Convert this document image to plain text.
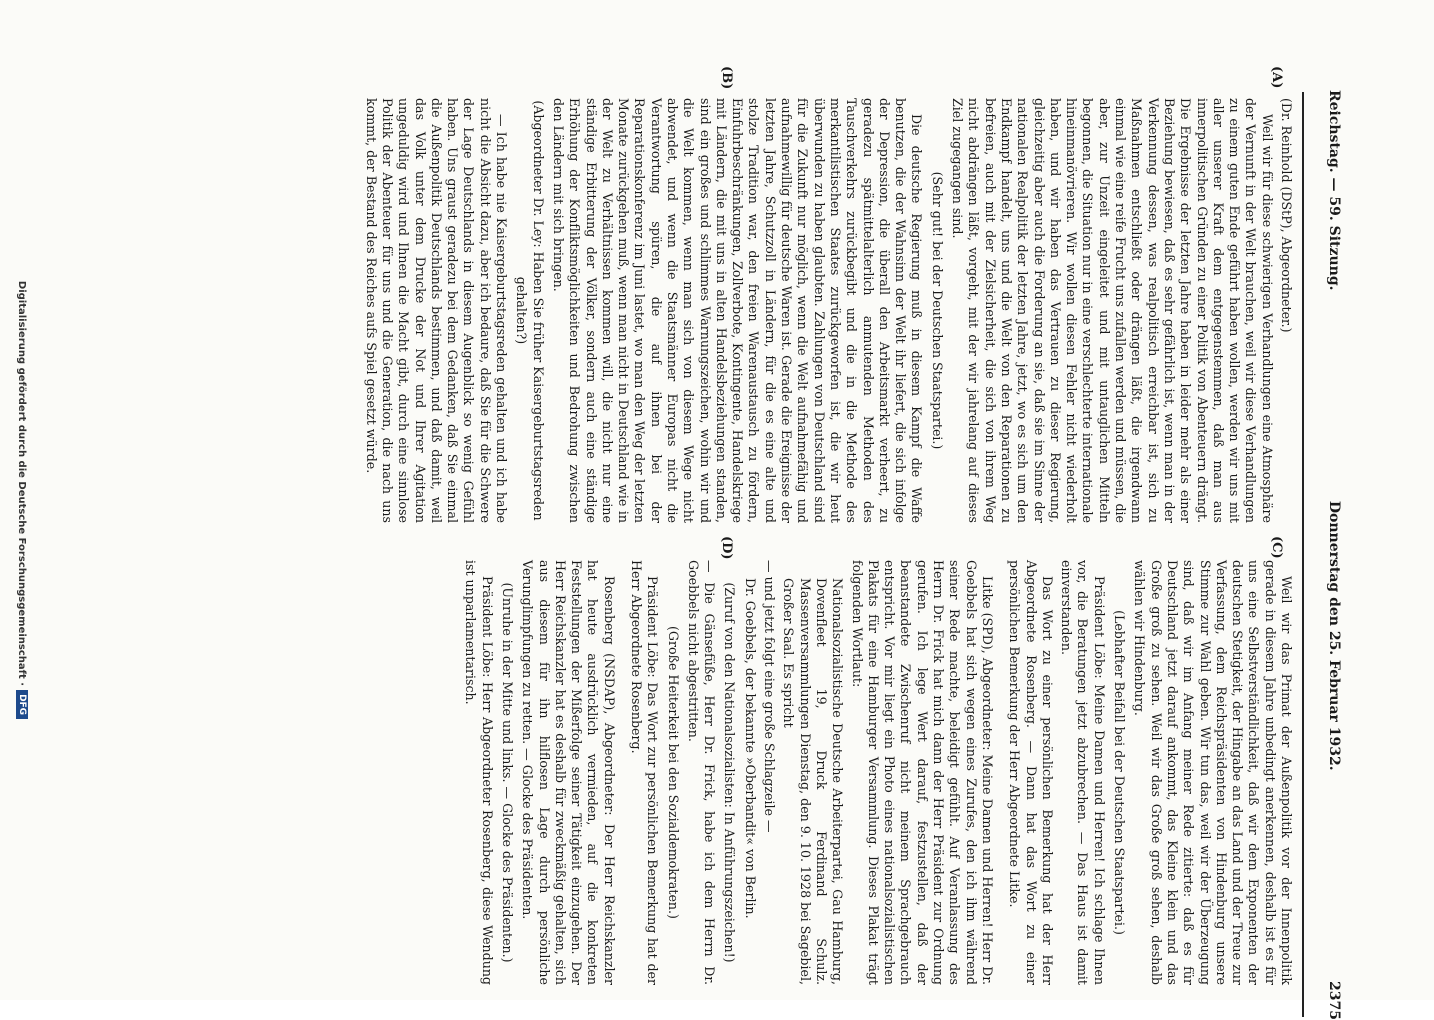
Reichstag. — 59. Sitzung.
Donnerstag den 25. Februar 1932.
2375
(A)
(B)
(C)
(D)

(Dr. Reinhold (DStP), Abgeordneter.)

Weil wir für diese schwierigen Verhandlungen eine Atmosphäre der Vernunft in der Welt brauchen, weil wir diese Verhandlungen zu einem guten Ende geführt haben wollen, werden wir uns mit aller unserer Kraft dem entgegenstemmen, daß man aus innerpolitischen Gründen zu einer Politik von Abenteuern drängt. Die Ergebnisse der letzten Jahre haben in leider mehr als einer Beziehung bewiesen, daß es sehr gefährlich ist, wenn man in der Verkennung dessen, was realpolitisch erreichbar ist, sich zu Maßnahmen entschließt oder drängen läßt, die irgendwann einmal wie eine reife Frucht uns zufallen werden und müssen, die aber, zur Unzeit eingeleitet und mit untauglichen Mitteln begonnen, die Situation nur in eine verschlechterte internationale hineinmanövrieren. Wir wollen diesen Fehler nicht wiederholt haben, und wir haben das Vertrauen zu dieser Regierung, gleichzeitig aber auch die Forderung an sie, daß sie im Sinne der nationalen Realpolitik der letzten Jahre, jetzt, wo es sich um den Endkampf handelt, uns und die Welt von den Reparationen zu befreien, auch mit der Zielsicherheit, die sich von ihrem Weg nicht abdrängen läßt, vorgeht, mit der wir jahrelang auf dieses Ziel zugegangen sind.

(Sehr gut! bei der Deutschen Staatspartei.)

Die deutsche Regierung muß in diesem Kampf die Waffe benutzen, die der Wahnsinn der Welt ihr liefert, die sich infolge der Depression, die überall den Arbeitsmarkt verheert, zu geradezu spätmittelalterlich anmutenden Methoden des Tauschverkehrs zurückbegibt und die in die Methode des merkantilistischen Staates zurückgeworfen ist, die wir heut überwunden zu haben glaubten. Zahlungen von Deutschland sind für die Zukunft nur möglich, wenn die Welt aufnahmefähig und aufnahmewillig für deutsche Waren ist. Gerade die Ereignisse der letzten Jahre, Schutzzoll in Ländern, für die es eine alte und stolze Tradition war, den freien Warenaustausch zu fördern, Einfuhrbeschränkungen, Zollverbote, Kontingente, Handelskriege mit Ländern, die mit uns in alten Handelsbeziehungen standen, sind ein großes und schlimmes Warnungszeichen, wohin wir und die Welt kommen, wenn man sich von diesem Wege nicht abwendet, und wenn die Staatsmänner Europas nicht die Verantwortung spüren, die auf ihnen bei der Reparationskonferenz im Juni lastet, wo man den Weg der letzten Monate zurückgehen muß, wenn man nicht in Deutschland wie in der Welt zu Verhältnissen kommen will, die nicht nur eine ständige Erbitterung der Völker, sondern auch eine ständige Erhöhung der Konfliktsmöglichkeiten und Bedrohung zwischen den Ländern mit sich bringen.

(Abgeordneter Dr. Ley: Haben Sie früher Kaisergeburtstagsreden gehalten?)

— Ich habe nie Kaisergeburtstagsreden gehalten und ich habe nicht die Absicht dazu, aber ich bedaure, daß Sie für die Schwere der Lage Deutschlands in diesem Augenblick so wenig Gefühl haben. Uns graust geradezu bei dem Gedanken, daß Sie einmal die Außenpolitik Deutschlands bestimmen, und daß damit, weil das Volk unter dem Drucke der Not und Ihrer Agitation ungeduldig wird und Ihnen die Macht gibt, durch eine sinnlose Politik der Abenteuer für uns und die Generation, die nach uns kommt, der Bestand des Reiches aufs Spiel gesetzt würde.

Weil wir das Primat der Außenpolitik vor der Innenpolitik gerade in diesem Jahre unbedingt anerkennen, deshalb ist es für uns eine Selbstverständlichkeit, daß wir dem Exponenten der deutschen Stetigkeit, der Hingabe an das Land und der Treue zur Verfassung, dem Reichspräsidenten von Hindenburg unsere Stimme zur Wahl geben. Wir tun das, weil wir der Überzeugung sind, daß wir im Anfang meiner Rede zitierte: daß es für Deutschland jetzt darauf ankommt, das Kleine klein und das Große groß zu sehen. Weil wir das Große groß sehen, deshalb wählen wir Hindenburg.

(Lebhafter Beifall bei der Deutschen Staatspartei.)

Präsident Löbe: Meine Damen und Herren! Ich schlage Ihnen vor, die Beratungen jetzt abzubrechen. — Das Haus ist damit einverstanden.

Das Wort zu einer persönlichen Bemerkung hat der Herr Abgeordnete Rosenberg. — Dann hat das Wort zu einer persönlichen Bemerkung der Herr Abgeordnete Litke.

Litke (SPD), Abgeordneter: Meine Damen und Herren! Herr Dr. Goebbels hat sich wegen eines Zurufes, den ich ihm während seiner Rede machte, beleidigt gefühlt. Auf Veranlassung des Herrn Dr. Frick hat mich dann der Herr Präsident zur Ordnung gerufen. Ich lege Wert darauf, festzustellen, daß der beanstandete Zwischenruf nicht meinem Sprachgebrauch entspricht. Vor mir liegt ein Photo eines nationalsozialistischen Plakats für eine Hamburger Versammlung. Dieses Plakat trägt folgenden Wortlaut:

Nationalsozialistische Deutsche Arbeiterpartei, Gau Hamburg, Dovenfleet 19, Druck Ferdinand Schulz. Massenversammlungen Dienstag, den 9. 10. 1928 bei Sagebiel, Großer Saal. Es spricht

— und jetzt folgt eine große Schlagzeile —

Dr. Goebbels, der bekannte »Oberbandit« von Berlin.

(Zuruf von den Nationalsozialisten: In Anführungszeichen!)

— Die Gänsefüße, Herr Dr. Frick, habe ich dem Herrn Dr. Goebbels nicht abgestritten.

(Große Heiterkeit bei den Sozialdemokraten.)

Präsident Löbe: Das Wort zur persönlichen Bemerkung hat der Herr Abgeordnete Rosenberg.

Rosenberg (NSDAP), Abgeordneter: Der Herr Reichskanzler hat heute ausdrücklich vermieden, auf die konkreten Feststellungen der Mißerfolge seiner Tätigkeit einzugehen. Der Herr Reichskanzler hat es deshalb für zweckmäßig gehalten, sich aus diesem für ihn hilflosen Lage durch persönliche Verunglimpfungen zu retten. — Glocke des Präsidenten.

(Unruhe in der Mitte und links. — Glocke des Präsidenten.)

Präsident Löbe: Herr Abgeordneter Rosenberg, diese Wendung ist unparlamentarisch.

Digitalisierung gefördert durch die Deutsche Forschungsgemeinschaft ·
DFG
